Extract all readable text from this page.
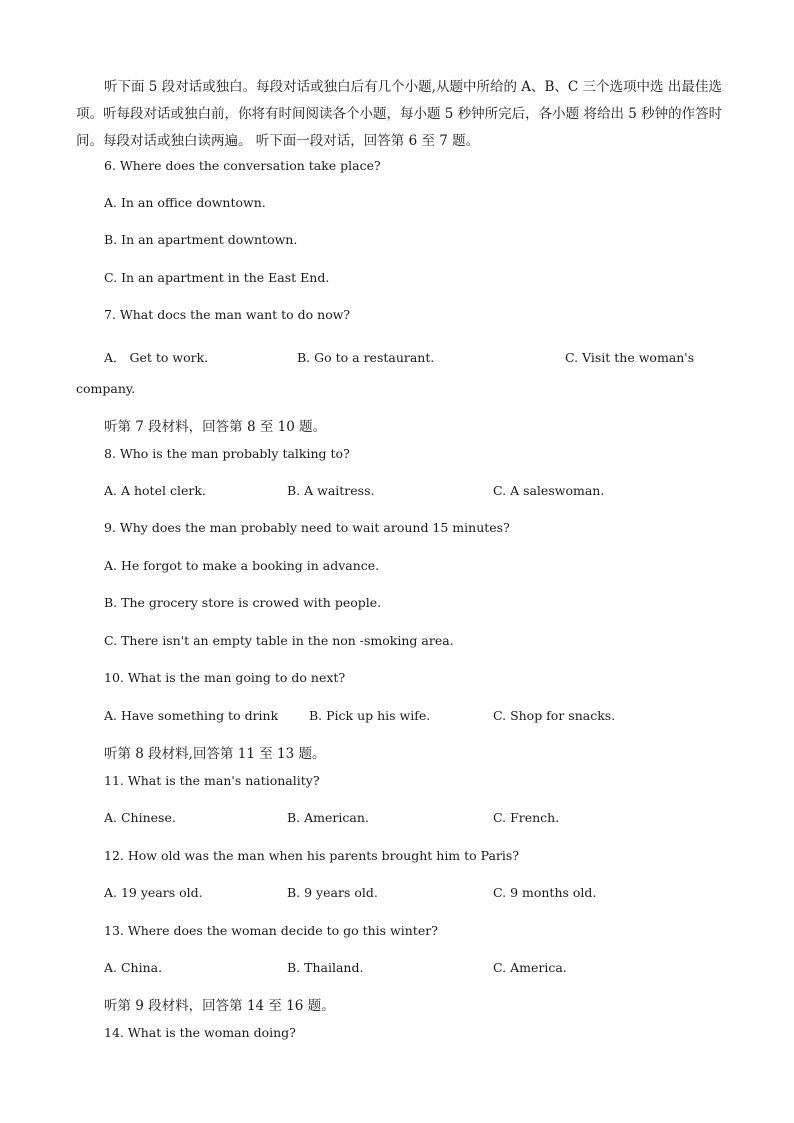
听下面 5 段对话或独白。每段对话或独白后有几个小题,从题中所给的 A、B、C 三个选项中选 出最佳选项。听每段对话或独白前，你将有时间阅读各个小题，每小题 5 秒钟所完后，各小题 将给出 5 秒钟的作答时间。每段对话或独白读两遍。 听下面一段对话，回答第 6 至 7 题。
6. Where does the conversation take place?
A. In an office downtown.
B. In an apartment downtown.
C. In an apartment in the East End.
7. What docs the man want to do now?
A． Get to work.	B. Go to a restaurant.	C. Visit the woman's
company.
听第 7 段材料，回答第 8 至 10 题。
8. Who is the man probably talking to?
A. A hotel clerk.	B. A waitress.	C. A saleswoman.
9. Why does the man probably need to wait around 15 minutes?
A. He forgot to make a booking in advance.
B. The grocery store is crowed with people.
C. There isn't an empty table in the non -smoking area.
10. What is the man going to do next?
A. Have something to drink B. Pick up his wife.	C. Shop for snacks.
听第 8 段材料,回答第 11 至 13 题。
11. What is the man's nationality?
A. Chinese.	B. American.	C. French.
12. How old was the man when his parents brought him to Paris?
A. 19 years old.	B. 9 years old.	C. 9 months old.
13. Where does the woman decide to go this winter?
A. China.	B. Thailand.	C. America.
听第 9 段材料，回答第 14 至 16 题。
14. What is the woman doing?
